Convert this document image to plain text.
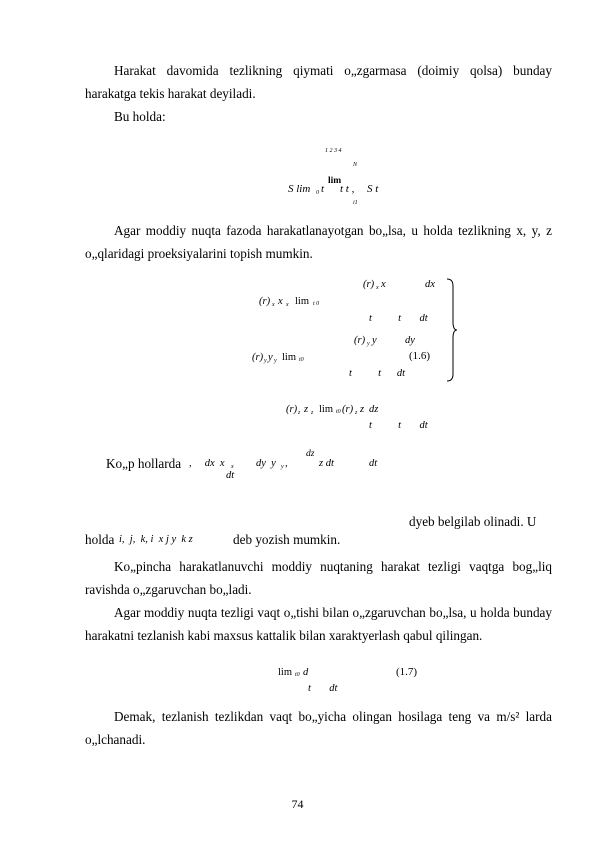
Harakat davomida tezlikning qiymati o„zgarmasa (doimiy qolsa) bunday harakatga tekis harakat deyiladi.
Bu holda:
1 2 3 4
N
S lim 0 t
lim
t t , S t
i1
Agar moddiy nuqta fazoda harakatlanayotgan bo„lsa, u holda tezlikning x, y, z o„qlaridagi proeksiyalarini topish mumkin.
(r) x x	dx
(r) x x x lim t 0
t          t       dt
(r) y y	dy
(r) y y y lim t0	(1.6)
t          t      dt
(r) z z z lim t0 (r) z z dz
t          t       dt
Ko„p hollarda ,     dx  x x dy  y y ,
dz
z dt	dt
dt
dyeb belgilab olinadi. U
holda i,  j,  k, i  x j y  k z	deb yozish mumkin.
Ko„pincha harakatlanuvchi moddiy nuqtaning harakat tezligi vaqtga bog„liq ravishda o„zgaruvchan bo„ladi.
Agar moddiy nuqta tezligi vaqt o„tishi bilan o„zgaruvchan bo„lsa, u holda bunday harakatni tezlanish kabi maxsus kattalik bilan xaraktyerlash qabul qilingan.
lim t0 d	(1.7)
t       dt
Demak, tezlanish tezlikdan vaqt bo„yicha olingan hosilaga teng va m/s² larda o„lchanadi.
74
